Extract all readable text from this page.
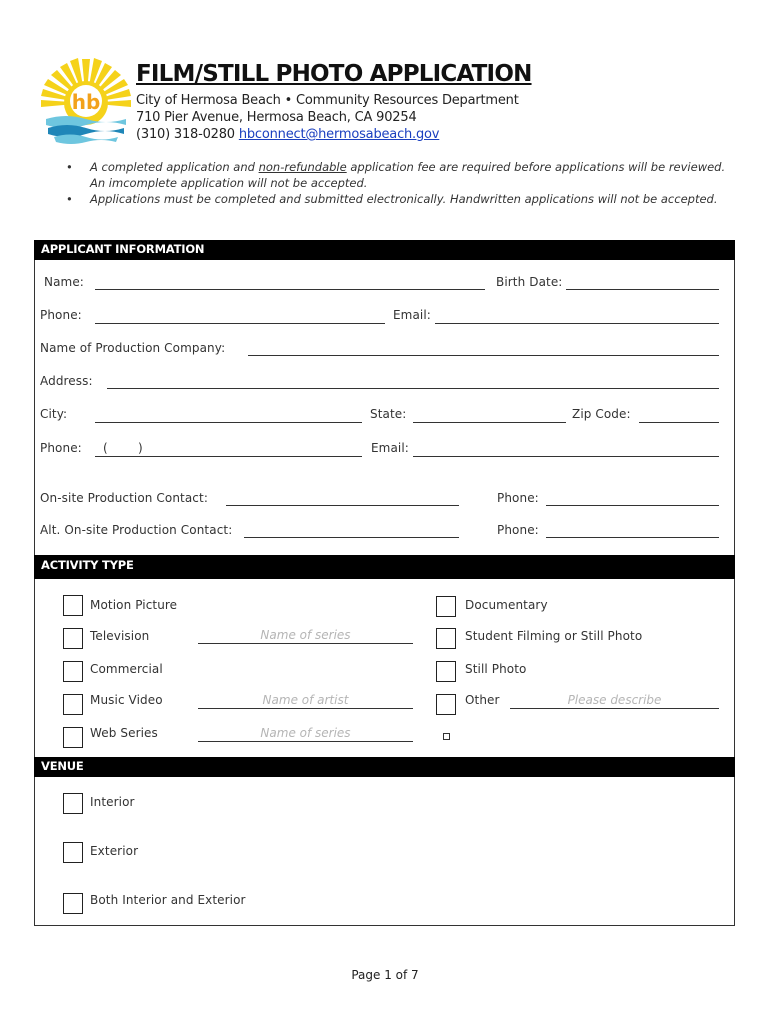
hb
FILM/STILL PHOTO APPLICATION
City of Hermosa Beach • Community Resources Department
710 Pier Avenue, Hermosa Beach, CA 90254
(310) 318-0280 hbconnect@hermosabeach.gov
• A completed application and non-refundable application fee are required before applications will be reviewed. An imcomplete application will not be accepted.
• Applications must be completed and submitted electronically. Handwritten applications will not be accepted.
APPLICANT INFORMATION
Name:	Birth Date:
Phone:	Email:
Name of Production Company:
Address:
City:	State:	Zip Code:
Phone: (	)	Email:
On-site Production Contact:	Phone:
Alt. On-site Production Contact:	Phone:
ACTIVITY TYPE
Motion Picture	Documentary
Television	Name of series	Student Filming or Still Photo
Commercial	Still Photo
Music Video	Name of artist	Other	Please describe
Web Series	Name of series
VENUE
Interior
Exterior
Both Interior and Exterior
Page 1 of 7
